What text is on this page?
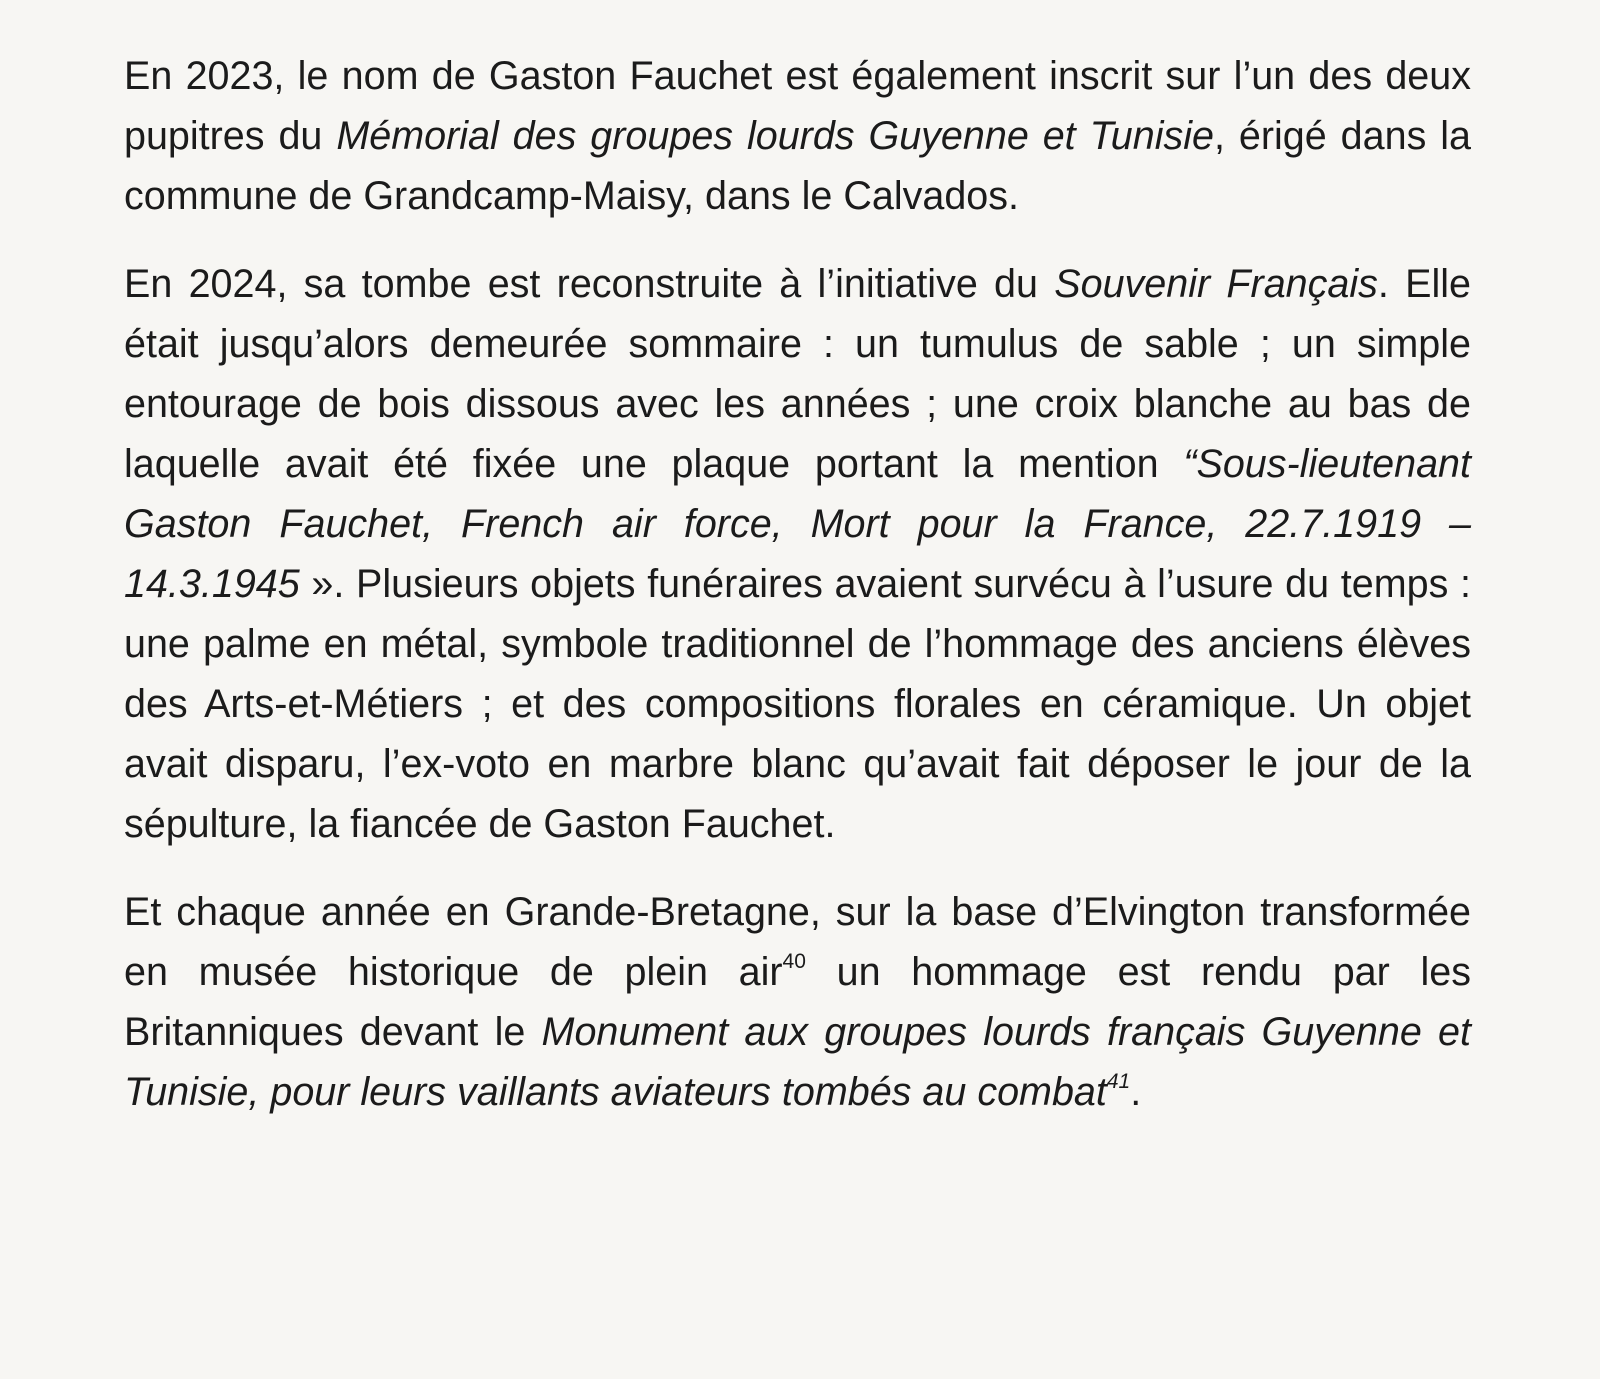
En 2023, le nom de Gaston Fauchet est également inscrit sur l’un des deux pupitres du Mémorial des groupes lourds Guyenne et Tunisie, érigé dans la commune de Grandcamp-Maisy, dans le Calvados.

En 2024, sa tombe est reconstruite à l’initiative du Souvenir Français. Elle était jusqu’alors demeurée sommaire : un tumulus de sable ; un simple entourage de bois dissous avec les années ; une croix blanche au bas de laquelle avait été fixée une plaque portant la mention “Sous-lieutenant Gaston Fauchet, French air force, Mort pour la France, 22.7.1919 – 14.3.1945 ». Plusieurs objets funéraires avaient survécu à l’usure du temps : une palme en métal, symbole traditionnel de l’hommage des anciens élèves des Arts-et-Métiers ; et des compositions florales en céramique. Un objet avait disparu, l’ex-voto en marbre blanc qu’avait fait déposer le jour de la sépulture, la fiancée de Gaston Fauchet.

Et chaque année en Grande-Bretagne, sur la base d’Elvington transformée en musée historique de plein air$^{40}$ un hommage est rendu par les Britanniques devant le Monument aux groupes lourds français Guyenne et Tunisie, pour leurs vaillants aviateurs tombés au combat$^{41}$.
